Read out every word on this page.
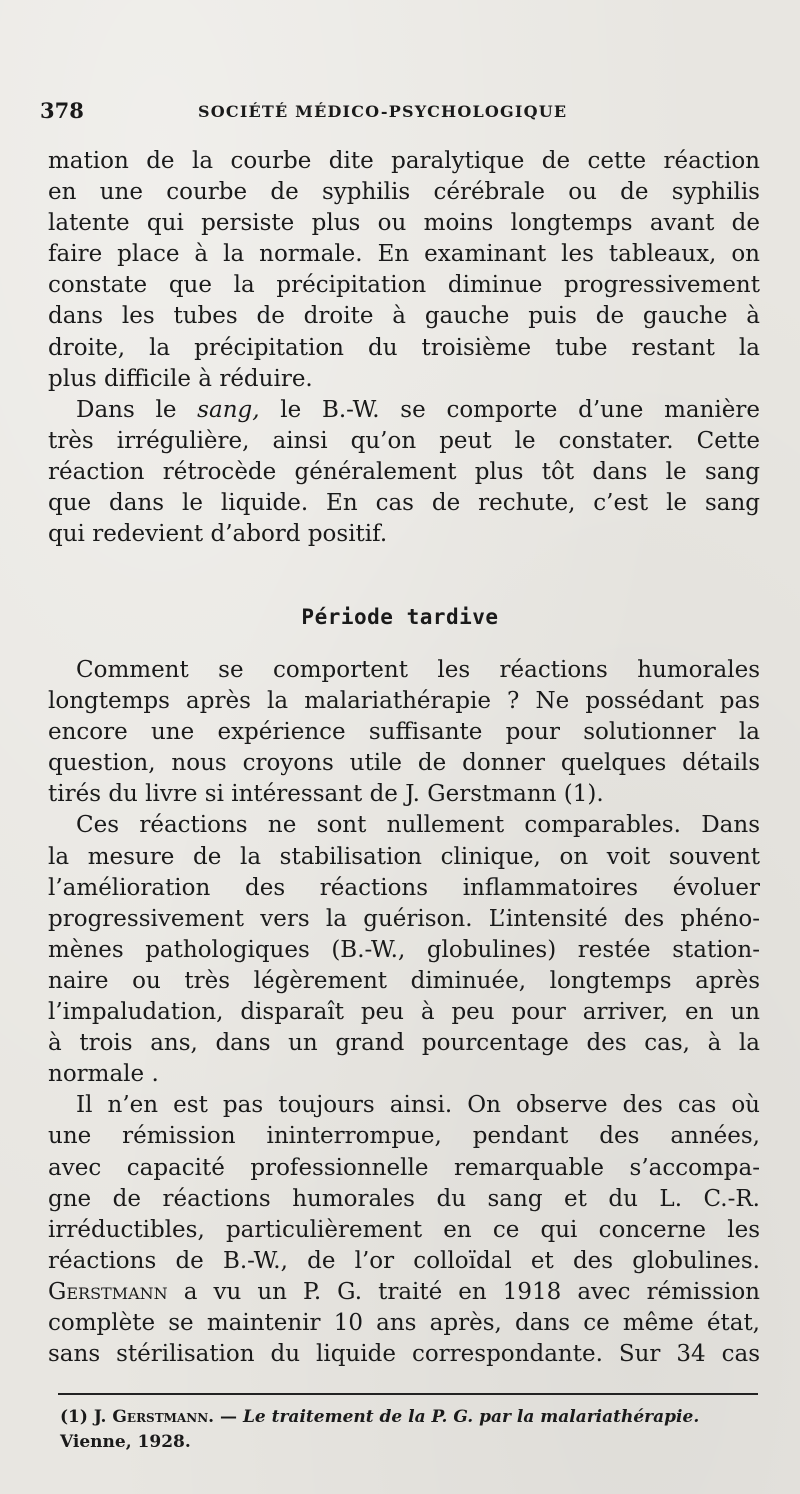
378	SOCIÉTÉ MÉDICO-PSYCHOLOGIQUE
mation de la courbe dite paralytique de cette réaction
en une courbe de syphilis cérébrale ou de syphilis
latente qui persiste plus ou moins longtemps avant de
faire place à la normale. En examinant les tableaux, on
constate que la précipitation diminue progressivement
dans les tubes de droite à gauche puis de gauche à
droite, la précipitation du troisième tube restant la
plus difficile à réduire.
Dans le sang, le B.-W. se comporte d’une manière
très irrégulière, ainsi qu’on peut le constater. Cette
réaction rétrocède généralement plus tôt dans le sang
que dans le liquide. En cas de rechute, c’est le sang
qui redevient d’abord positif.
Période tardive
Comment se comportent les réactions humorales
longtemps après la malariathérapie ? Ne possédant pas
encore une expérience suffisante pour solutionner la
question, nous croyons utile de donner quelques détails
tirés du livre si intéressant de J. Gerstmann (1).
Ces réactions ne sont nullement comparables. Dans
la mesure de la stabilisation clinique, on voit souvent
l’amélioration des réactions inflammatoires évoluer
progressivement vers la guérison. L’intensité des phéno-
mènes pathologiques (B.-W., globulines) restée station-
naire ou très légèrement diminuée, longtemps après
l’impaludation, disparaît peu à peu pour arriver, en un
à trois ans, dans un grand pourcentage des cas, à la
normale .
Il n’en est pas toujours ainsi. On observe des cas où
une rémission ininterrompue, pendant des années,
avec capacité professionnelle remarquable s’accompa-
gne de réactions humorales du sang et du L. C.-R.
irréductibles, particulièrement en ce qui concerne les
réactions de B.-W., de l’or colloïdal et des globulines.
Gerstmann a vu un P. G. traité en 1918 avec rémission
complète se maintenir 10 ans après, dans ce même état,
sans stérilisation du liquide correspondante. Sur 34 cas
(1) J. Gerstmann. — Le traitement de la P. G. par la malariathérapie.
Vienne, 1928.
